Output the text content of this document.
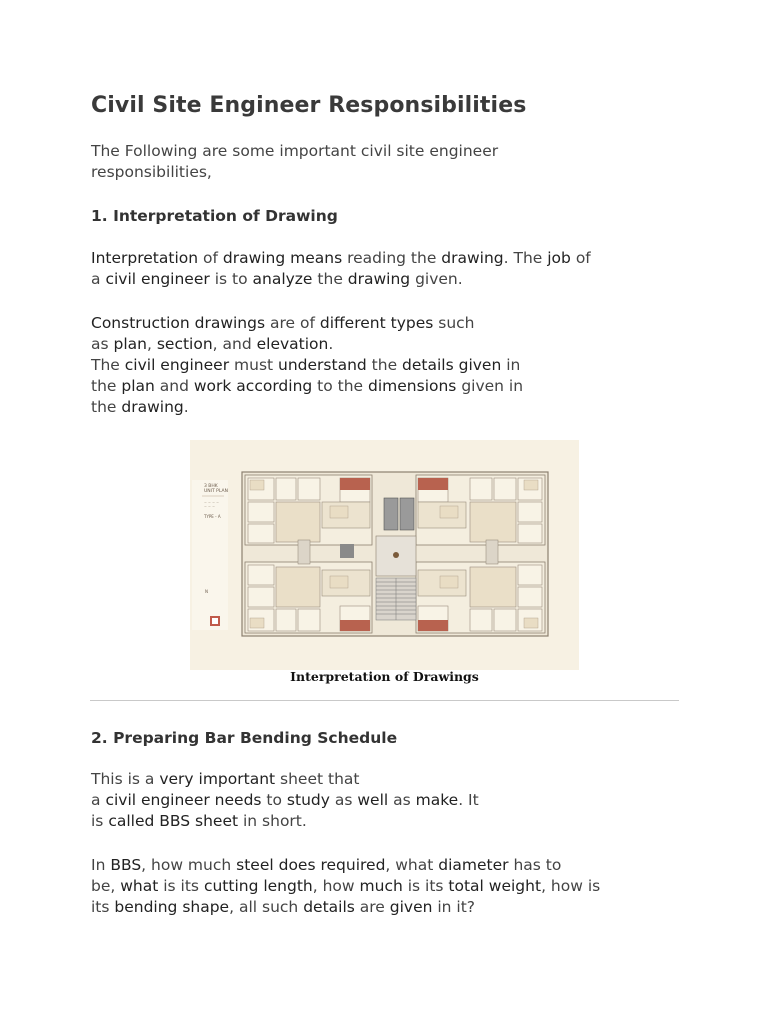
Civil Site Engineer Responsibilities

The Following are some important civil site engineer
responsibilities,

1. Interpretation of Drawing

Interpretation of drawing means reading the drawing. The job of
a civil engineer is to analyze the drawing given.

Construction drawings are of different types such
as plan, section, and elevation.
The civil engineer must understand the details given in
the plan and work according to the dimensions given in
the drawing.

3 BHK UNIT PLAN
~ ~ ~ ~ ~ ~ ~
TYPE - A
N
Interpretation of Drawings
2. Preparing Bar Bending Schedule

This is a very important sheet that
a civil engineer needs to study as well as make. It
is called BBS sheet in short.

In BBS, how much steel does required, what diameter has to
be, what is its cutting length, how much is its total weight, how is
its bending shape, all such details are given in it?
